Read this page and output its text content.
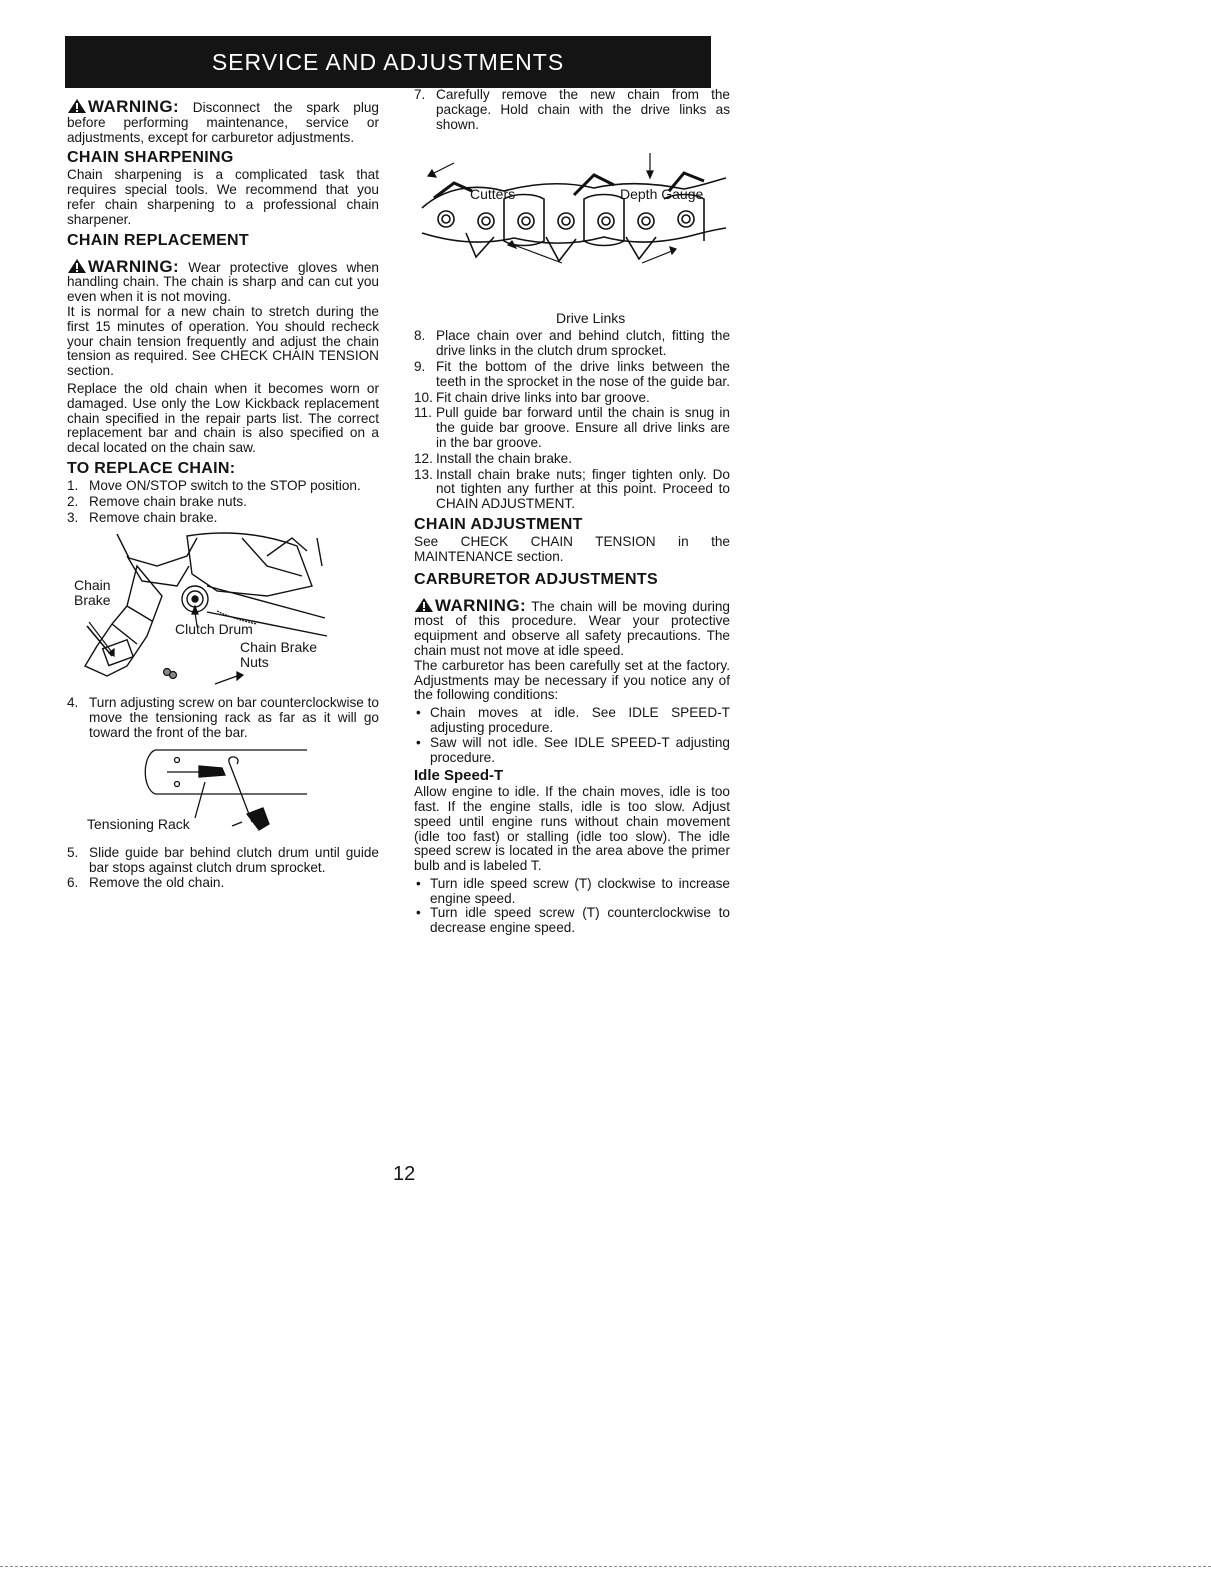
SERVICE AND ADJUSTMENTS

WARNING: Disconnect the spark plug before performing maintenance, service or adjustments, except for carburetor adjustments.

CHAIN SHARPENING

Chain sharpening is a complicated task that requires special tools. We recommend that you refer chain sharpening to a professional chain sharpener.

CHAIN REPLACEMENT

WARNING: Wear protective gloves when handling chain. The chain is sharp and can cut you even when it is not moving.

It is normal for a new chain to stretch during the first 15 minutes of operation. You should recheck your chain tension frequently and adjust the chain tension as required. See CHECK CHAIN TENSION section.

Replace the old chain when it becomes worn or damaged. Use only the Low Kickback replacement chain specified in the repair parts list. The correct replacement bar and chain is also specified on a decal located on the chain saw.

TO REPLACE CHAIN:
1. Move ON/STOP switch to the STOP position.
2. Remove chain brake nuts.
3. Remove chain brake.
Chain
Brake
Clutch Drum
Chain Brake
Nuts
4. Turn adjusting screw on bar counterclockwise to move the tensioning rack as far as it will go toward the front of the bar.
Tensioning Rack
5. Slide guide bar behind clutch drum until guide bar stops against clutch drum sprocket.
6. Remove the old chain.
7. Carefully remove the new chain from the package. Hold chain with the drive links as shown.
Cutters	Depth Gauge
Drive Links
8. Place chain over and behind clutch, fitting the drive links in the clutch drum sprocket.
9. Fit the bottom of the drive links between the teeth in the sprocket in the nose of the guide bar.
10. Fit chain drive links into bar groove.
11. Pull guide bar forward until the chain is snug in the guide bar groove. Ensure all drive links are in the bar groove.
12. Install the chain brake.
13. Install chain brake nuts; finger tighten only. Do not tighten any further at this point. Proceed to CHAIN ADJUSTMENT.
CHAIN ADJUSTMENT

See CHECK CHAIN TENSION in the MAINTENANCE section.

CARBURETOR ADJUSTMENTS

WARNING: The chain will be moving during most of this procedure. Wear your protective equipment and observe all safety precautions. The chain must not move at idle speed.

The carburetor has been carefully set at the factory. Adjustments may be necessary if you notice any of the following conditions:

• Chain moves at idle. See IDLE SPEED-T adjusting procedure.
• Saw will not idle. See IDLE SPEED-T adjusting procedure.
Idle Speed-T

Allow engine to idle. If the chain moves, idle is too fast. If the engine stalls, idle is too slow. Adjust speed until engine runs without chain movement (idle too fast) or stalling (idle too slow). The idle speed screw is located in the area above the primer bulb and is labeled T.

• Turn idle speed screw (T) clockwise to increase engine speed.
• Turn idle speed screw (T) counterclockwise to decrease engine speed.
12
